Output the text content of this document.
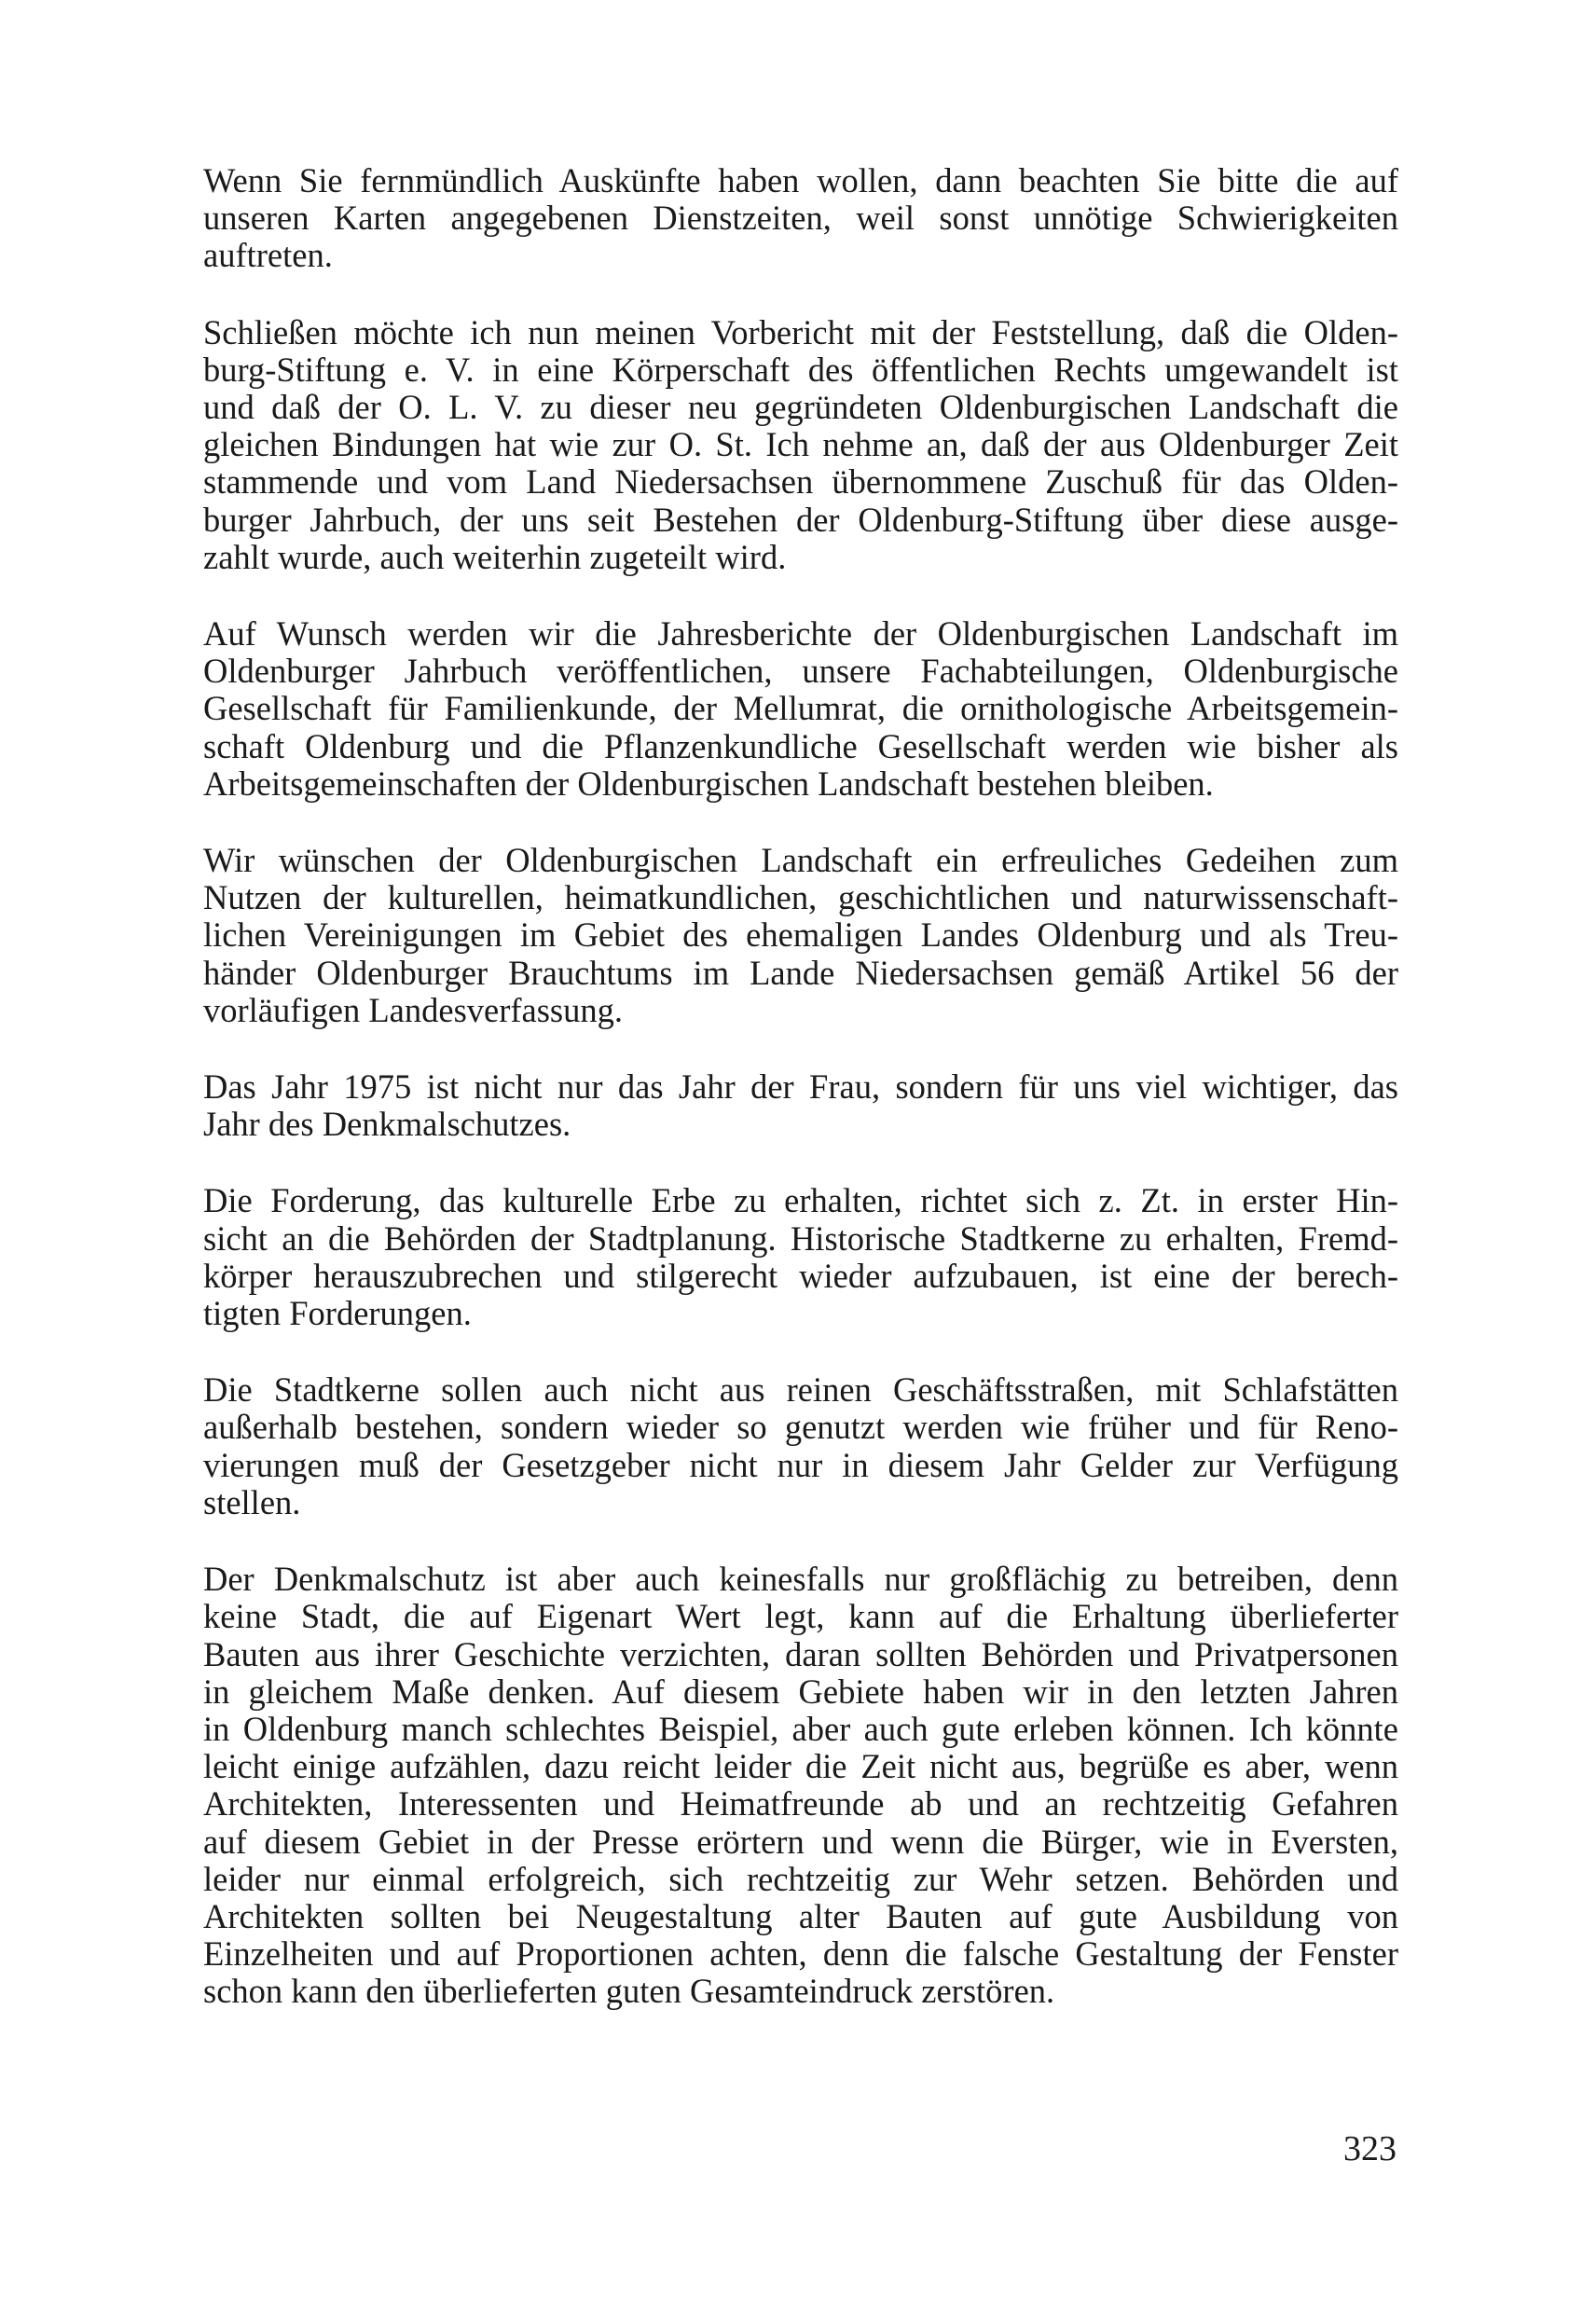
Wenn Sie fernmündlich Auskünfte haben wollen, dann beachten Sie bitte die auf
unseren Karten angegebenen Dienstzeiten, weil sonst unnötige Schwierigkeiten
auftreten.
Schließen möchte ich nun meinen Vorbericht mit der Feststellung, daß die Olden-
burg-Stiftung e. V. in eine Körperschaft des öffentlichen Rechts umgewandelt ist
und daß der O. L. V. zu dieser neu gegründeten Oldenburgischen Landschaft die
gleichen Bindungen hat wie zur O. St. Ich nehme an, daß der aus Oldenburger Zeit
stammende und vom Land Niedersachsen übernommene Zuschuß für das Olden-
burger Jahrbuch, der uns seit Bestehen der Oldenburg-Stiftung über diese ausge-
zahlt wurde, auch weiterhin zugeteilt wird.
Auf Wunsch werden wir die Jahresberichte der Oldenburgischen Landschaft im
Oldenburger Jahrbuch veröffentlichen, unsere Fachabteilungen, Oldenburgische
Gesellschaft für Familienkunde, der Mellumrat, die ornithologische Arbeitsgemein-
schaft Oldenburg und die Pflanzenkundliche Gesellschaft werden wie bisher als
Arbeitsgemeinschaften der Oldenburgischen Landschaft bestehen bleiben.
Wir wünschen der Oldenburgischen Landschaft ein erfreuliches Gedeihen zum
Nutzen der kulturellen, heimatkundlichen, geschichtlichen und naturwissenschaft-
lichen Vereinigungen im Gebiet des ehemaligen Landes Oldenburg und als Treu-
händer Oldenburger Brauchtums im Lande Niedersachsen gemäß Artikel 56 der
vorläufigen Landesverfassung.
Das Jahr 1975 ist nicht nur das Jahr der Frau, sondern für uns viel wichtiger, das
Jahr des Denkmalschutzes.
Die Forderung, das kulturelle Erbe zu erhalten, richtet sich z. Zt. in erster Hin-
sicht an die Behörden der Stadtplanung. Historische Stadtkerne zu erhalten, Fremd-
körper herauszubrechen und stilgerecht wieder aufzubauen, ist eine der berech-
tigten Forderungen.
Die Stadtkerne sollen auch nicht aus reinen Geschäftsstraßen, mit Schlafstätten
außerhalb bestehen, sondern wieder so genutzt werden wie früher und für Reno-
vierungen muß der Gesetzgeber nicht nur in diesem Jahr Gelder zur Verfügung
stellen.
Der Denkmalschutz ist aber auch keinesfalls nur großflächig zu betreiben, denn
keine Stadt, die auf Eigenart Wert legt, kann auf die Erhaltung überlieferter
Bauten aus ihrer Geschichte verzichten, daran sollten Behörden und Privatpersonen
in gleichem Maße denken. Auf diesem Gebiete haben wir in den letzten Jahren
in Oldenburg manch schlechtes Beispiel, aber auch gute erleben können. Ich könnte
leicht einige aufzählen, dazu reicht leider die Zeit nicht aus, begrüße es aber, wenn
Architekten, Interessenten und Heimatfreunde ab und an rechtzeitig Gefahren
auf diesem Gebiet in der Presse erörtern und wenn die Bürger, wie in Eversten,
leider nur einmal erfolgreich, sich rechtzeitig zur Wehr setzen. Behörden und
Architekten sollten bei Neugestaltung alter Bauten auf gute Ausbildung von
Einzelheiten und auf Proportionen achten, denn die falsche Gestaltung der Fenster
schon kann den überlieferten guten Gesamteindruck zerstören.
323
